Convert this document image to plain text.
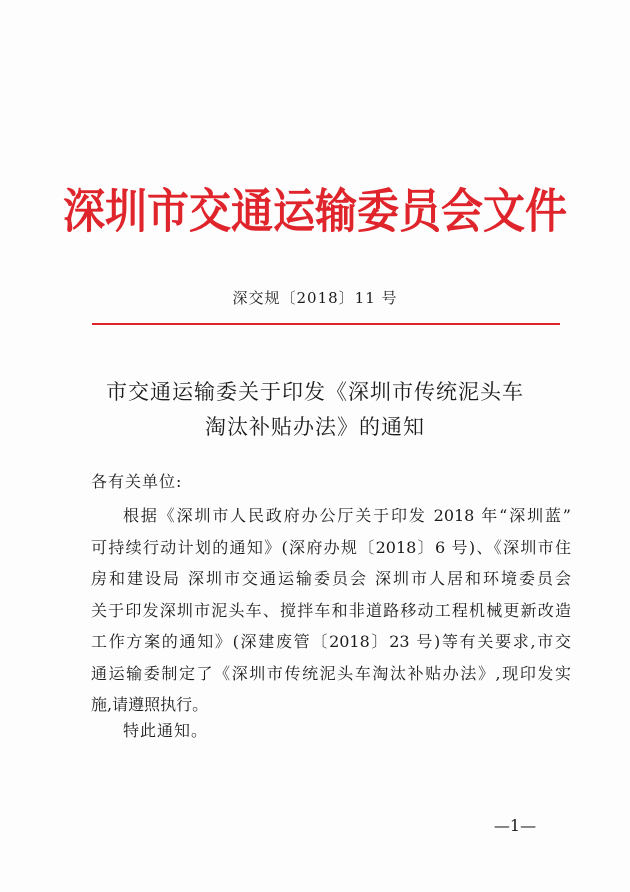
深圳市交通运输委员会文件
深交规〔2018〕11 号
市交通运输委关于印发《深圳市传统泥头车
淘汰补贴办法》的通知
各有关单位:
根据《深圳市人民政府办公厅关于印发 2018 年“深圳蓝”
可持续行动计划的通知》(深府办规〔2018〕6 号)、《深圳市住
房和建设局 深圳市交通运输委员会 深圳市人居和环境委员会
关于印发深圳市泥头车、搅拌车和非道路移动工程机械更新改造
工作方案的通知》(深建废管〔2018〕23 号)等有关要求,市交
通运输委制定了《深圳市传统泥头车淘汰补贴办法》,现印发实
施,请遵照执行。
特此通知。
—1—
